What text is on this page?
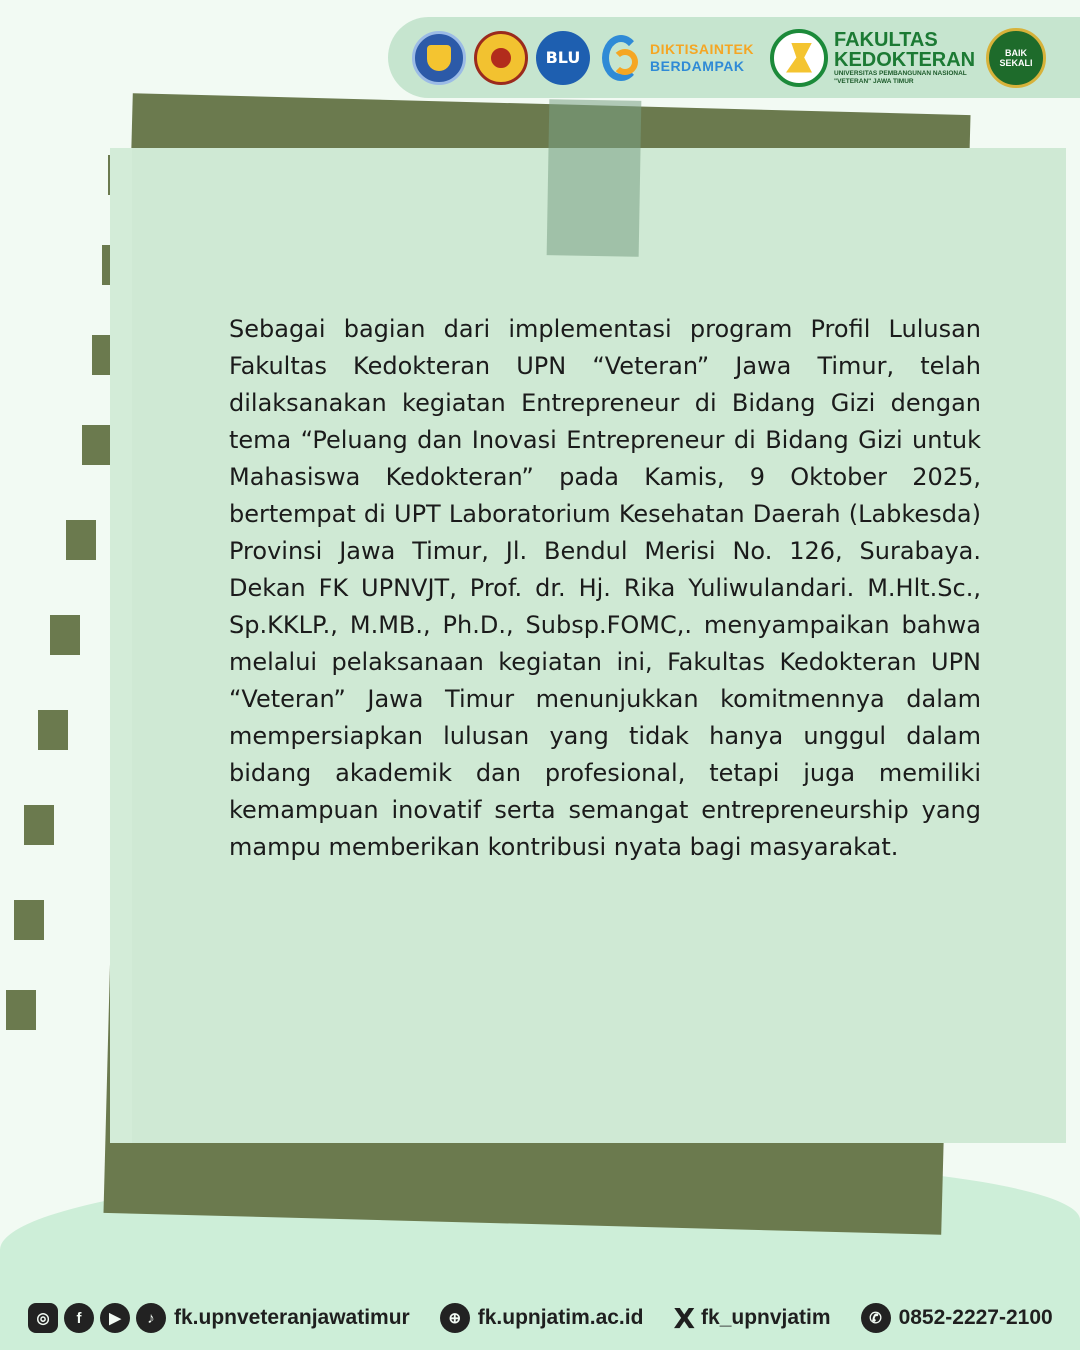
BLU	DIKTISAINTEK
BERDAMPAK
FAKULTAS
KEDOKTERAN
UNIVERSITAS PEMBANGUNAN NASIONAL
"VETERAN" JAWA TIMUR
BAIK
SEKALI

Sebagai bagian dari implementasi program Profil Lulusan Fakultas Kedokteran UPN “Veteran” Jawa Timur, telah dilaksanakan kegiatan Entrepreneur di Bidang Gizi dengan tema “Peluang dan Inovasi Entrepreneur di Bidang Gizi untuk Mahasiswa Kedokteran” pada Kamis, 9 Oktober 2025, bertempat di UPT Laboratorium Kesehatan Daerah (Labkesda) Provinsi Jawa Timur, Jl. Bendul Merisi No. 126, Surabaya. Dekan FK UPNVJT, Prof. dr. Hj. Rika Yuliwulandari. M.Hlt.Sc., Sp.KKLP., M.MB., Ph.D., Subsp.FOMC,. menyampaikan bahwa melalui pelaksanaan kegiatan ini, Fakultas Kedokteran UPN “Veteran” Jawa Timur menunjukkan komitmennya dalam mempersiapkan lulusan yang tidak hanya unggul dalam bidang akademik dan profesional, tetapi juga memiliki kemampuan inovatif serta semangat entrepreneurship yang mampu memberikan kontribusi nyata bagi masyarakat.

◎	f	▶	♪ fk.upnveteranjawatimur	⊕ fk.upnjatim.ac.id X fk_upnvjatim	✆ 0852-2227-2100
